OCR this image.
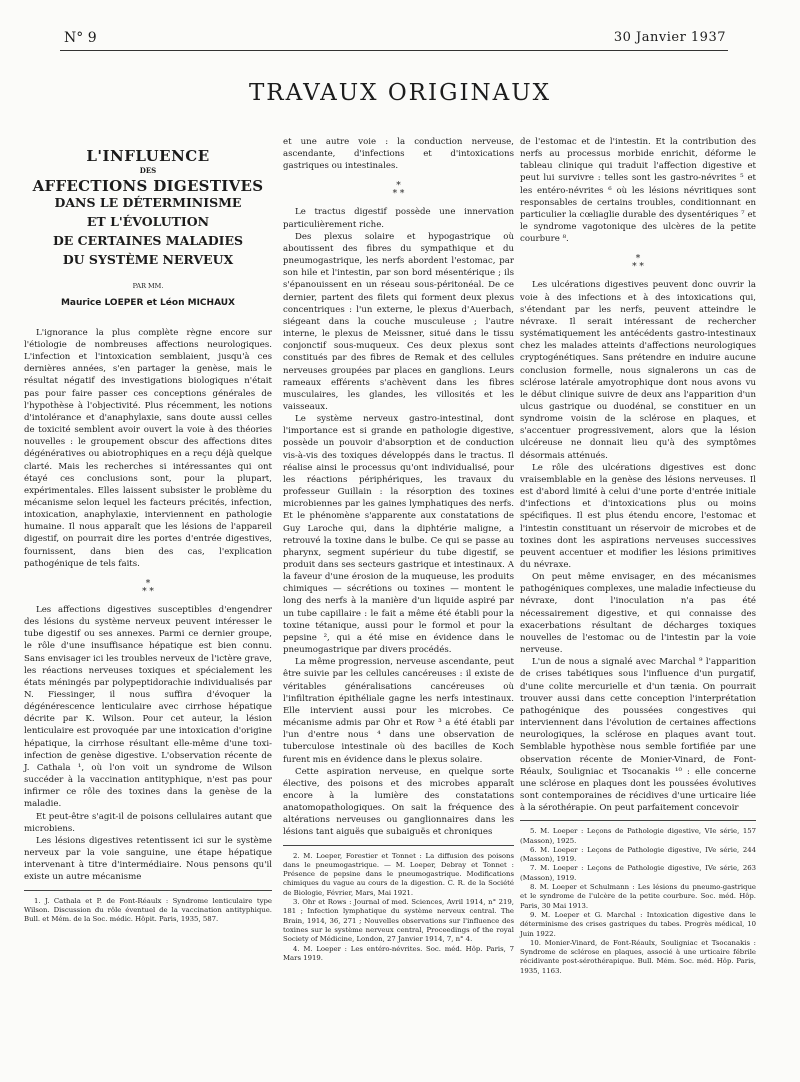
N° 9	30 Janvier 1937
TRAVAUX ORIGINAUX
L'INFLUENCE
DES
AFFECTIONS DIGESTIVES
DANS LE DÉTERMINISME
ET L'ÉVOLUTION
DE CERTAINES MALADIES
DU SYSTÈME NERVEUX
PAR MM.
Maurice LOEPER et Léon MICHAUX

L'ignorance la plus complète règne encore sur l'étiologie de nombreuses affections neurologiques. L'infection et l'intoxication semblaient, jusqu'à ces dernières années, s'en partager la genèse, mais le résultat négatif des investigations biologiques n'était pas pour faire passer ces conceptions générales de l'hypothèse à l'objectivité. Plus récemment, les notions d'intolérance et d'anaphylaxie, sans doute aussi celles de toxicité semblent avoir ouvert la voie à des théories nouvelles : le groupement obscur des affections dites dégénératives ou abiotrophiques en a reçu déjà quelque clarté. Mais les recherches si intéressantes qui ont étayé ces conclusions sont, pour la plupart, expérimentales. Elles laissent subsister le problème du mécanisme selon lequel les facteurs précités, infection, intoxication, anaphylaxie, interviennent en pathologie humaine. Il nous apparaît que les lésions de l'appareil digestif, on pourrait dire les portes d'entrée digestives, fournissent, dans bien des cas, l'explication pathogénique de tels faits.

*
* *

Les affections digestives susceptibles d'engendrer des lésions du système nerveux peuvent intéresser le tube digestif ou ses annexes. Parmi ce dernier groupe, le rôle d'une insuffisance hépatique est bien connu. Sans envisager ici les troubles nerveux de l'ictère grave, les réactions nerveuses toxiques et spécialement les états méningés par polypeptidorachie individualisés par N. Fiessinger, il nous suffira d'évoquer la dégénérescence lenticulaire avec cirrhose hépatique décrite par K. Wilson. Pour cet auteur, la lésion lenticulaire est provoquée par une intoxication d'origine hépatique, la cirrhose résultant elle-même d'une toxi-infection de genèse digestive. L'observation récente de J. Cathala ¹, où l'on voit un syndrome de Wilson succéder à la vaccination antityphique, n'est pas pour infirmer ce rôle des toxines dans la genèse de la maladie.

Et peut-être s'agit-il de poisons cellulaires autant que microbiens.

Les lésions digestives retentissent ici sur le système nerveux par la voie sanguine, une étape hépatique intervenant à titre d'intermédiaire. Nous pensons qu'il existe un autre mécanisme

1. J. Cathala et P. de Font-Réaulx : Syndrome lenticulaire type Wilson. Discussion du rôle éventuel de la vaccination antityphique. Bull. et Mém. de la Soc. médic. Hôpit. Paris, 1935, 587.

et une autre voie : la conduction nerveuse, ascendante, d'infections et d'intoxications gastriques ou intestinales.

*
* *

Le tractus digestif possède une innervation particulièrement riche.

Des plexus solaire et hypogastrique où aboutissent des fibres du sympathique et du pneumogastrique, les nerfs abordent l'estomac, par son hile et l'intestin, par son bord mésentérique ; ils s'épanouissent en un réseau sous-péritonéal. De ce dernier, partent des filets qui forment deux plexus concentriques : l'un externe, le plexus d'Auerbach, siégeant dans la couche musculeuse ; l'autre interne, le plexus de Meissner, situé dans le tissu conjonctif sous-muqueux. Ces deux plexus sont constitués par des fibres de Remak et des cellules nerveuses groupées par places en ganglions. Leurs rameaux efférents s'achèvent dans les fibres musculaires, les glandes, les villosités et les vaisseaux.

Le système nerveux gastro-intestinal, dont l'importance est si grande en pathologie digestive, possède un pouvoir d'absorption et de conduction vis-à-vis des toxiques développés dans le tractus. Il réalise ainsi le processus qu'ont individualisé, pour les réactions périphériques, les travaux du professeur Guillain : la résorption des toxines microbiennes par les gaines lymphatiques des nerfs. Et le phénomène s'apparente aux constatations de Guy Laroche qui, dans la diphtérie maligne, a retrouvé la toxine dans le bulbe. Ce qui se passe au pharynx, segment supérieur du tube digestif, se produit dans ses secteurs gastrique et intestinaux. A la faveur d'une érosion de la muqueuse, les produits chimiques — sécrétions ou toxines — montent le long des nerfs à la manière d'un liquide aspiré par un tube capillaire : le fait a même été établi pour la toxine tétanique, aussi pour le formol et pour la pepsine ², qui a été mise en évidence dans le pneumogastrique par divers procédés.

La même progression, nerveuse ascendante, peut être suivie par les cellules cancéreuses : il existe de véritables généralisations cancéreuses où l'infiltration épithéliale gagne les nerfs intestinaux. Elle intervient aussi pour les microbes. Ce mécanisme admis par Ohr et Row ³ a été établi par l'un d'entre nous ⁴ dans une observation de tuberculose intestinale où des bacilles de Koch furent mis en évidence dans le plexus solaire.

Cette aspiration nerveuse, en quelque sorte élective, des poisons et des microbes apparaît encore à la lumière des constatations anatomopathologiques. On sait la fréquence des altérations nerveuses ou ganglionnaires dans les lésions tant aiguës que subaiguës et chroniques

2. M. Loeper, Forestier et Tonnet : La diffusion des poisons dans le pneumogastrique. — M. Loeper, Debray et Tonnet : Présence de pepsine dans le pneumogastrique. Modifications chimiques du vague au cours de la digestion. C. R. de la Société de Biologie, Février, Mars, Mai 1921.

3. Ohr et Rows : Journal of med. Sciences, Avril 1914, n° 219, 181 ; Infection lymphatique du système nerveux central. The Brain, 1914, 36, 271 ; Nouvelles observations sur l'influence des toxines sur le système nerveux central, Proceedings of the royal Society of Médicine, London, 27 Janvier 1914, 7, n° 4.

4. M. Loeper : Les entéro-névrites. Soc. méd. Hôp. Paris, 7 Mars 1919.

de l'estomac et de l'intestin. Et la contribution des nerfs au processus morbide enrichit, déforme le tableau clinique qui traduit l'affection digestive et peut lui survivre : telles sont les gastro-névrites ⁵ et les entéro-névrites ⁶ où les lésions névritiques sont responsables de certains troubles, conditionnant en particulier la cœliaglie durable des dysentériques ⁷ et le syndrome vagotonique des ulcères de la petite courbure ⁸.

*
* *

Les ulcérations digestives peuvent donc ouvrir la voie à des infections et à des intoxications qui, s'étendant par les nerfs, peuvent atteindre le névraxe. Il serait intéressant de rechercher systématiquement les antécédents gastro-intestinaux chez les malades atteints d'affections neurologiques cryptogénétiques. Sans prétendre en induire aucune conclusion formelle, nous signalerons un cas de sclérose latérale amyotrophique dont nous avons vu le début clinique suivre de deux ans l'apparition d'un ulcus gastrique ou duodénal, se constituer en un syndrome voisin de la sclérose en plaques, et s'accentuer progressivement, alors que la lésion ulcéreuse ne donnait lieu qu'à des symptômes désormais atténués.

Le rôle des ulcérations digestives est donc vraisemblable en la genèse des lésions nerveuses. Il est d'abord limité à celui d'une porte d'entrée initiale d'infections et d'intoxications plus ou moins spécifiques. Il est plus étendu encore, l'estomac et l'intestin constituant un réservoir de microbes et de toxines dont les aspirations nerveuses successives peuvent accentuer et modifier les lésions primitives du névraxe.

On peut même envisager, en des mécanismes pathogéniques complexes, une maladie infectieuse du névraxe, dont l'inoculation n'a pas été nécessairement digestive, et qui connaisse des exacerbations résultant de décharges toxiques nouvelles de l'estomac ou de l'intestin par la voie nerveuse.

L'un de nous a signalé avec Marchal ⁹ l'apparition de crises tabétiques sous l'influence d'un purgatif, d'une colite mercurielle et d'un tænia. On pourrait trouver aussi dans cette conception l'interprétation pathogénique des poussées congestives qui interviennent dans l'évolution de certaines affections neurologiques, la sclérose en plaques avant tout. Semblable hypothèse nous semble fortifiée par une observation récente de Monier-Vinard, de Font-Réaulx, Souligniac et Tsocanakis ¹⁰ : elle concerne une sclérose en plaques dont les poussées évolutives sont contemporaines de récidives d'une urticaire liée à la sérothérapie. On peut parfaitement concevoir

5. M. Loeper : Leçons de Pathologie digestive, VIe série, 157 (Masson), 1925.

6. M. Loeper : Leçons de Pathologie digestive, IVe série, 244 (Masson), 1919.

7. M. Loeper : Leçons de Pathologie digestive, IVe série, 263 (Masson), 1919.

8. M. Loeper et Schulmann : Les lésions du pneumo-gastrique et le syndrome de l'ulcère de la petite courbure. Soc. méd. Hôp. Paris, 30 Mai 1913.

9. M. Loeper et G. Marchal : Intoxication digestive dans le déterminisme des crises gastriques du tabes. Progrès médical, 10 Juin 1922.

10. Monier-Vinard, de Font-Réaulx, Souligniac et Tsocanakis : Syndrome de sclérose en plaques, associé à une urticaire fébrile récidivante post-sérothérapique. Bull. Mém. Soc. méd. Hôp. Paris, 1935, 1163.
